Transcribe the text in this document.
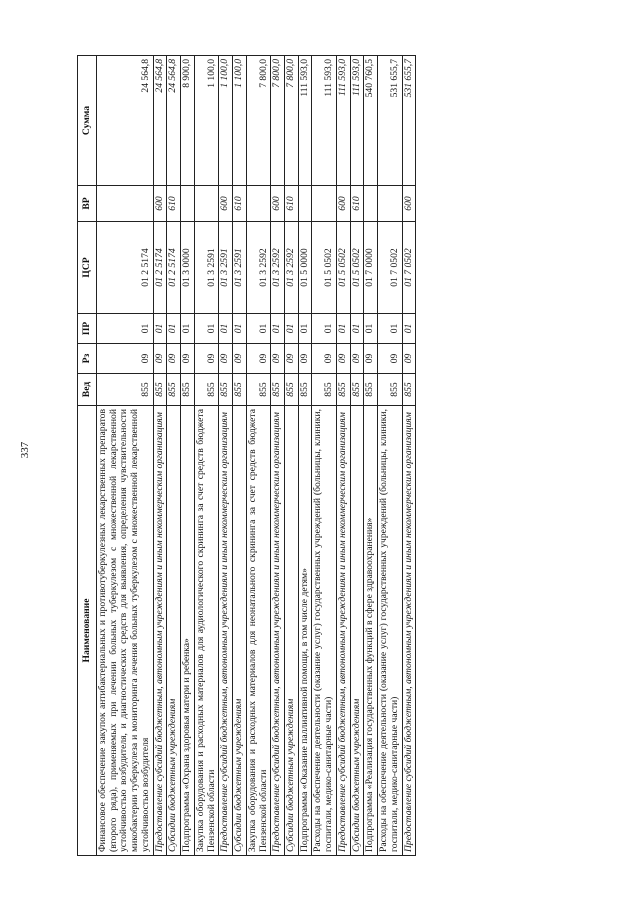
337
Наименование	Вед	Рз	ПР	ЦСР	ВР	Сумма
Финансовое обеспечение закупок антибактериальных и противотуберкулезных лекарственных препаратов (второго ряда), применяемых при лечении больных туберкулезом с множественной лекарственной устойчивостью возбудителя, и диагностических средств для выявления, определения чувствительности микобактерии туберкулеза и мониторинга лечения больных туберкулезом с множественной лекарственной устойчивостью возбудителя	855	09	01	01 2 5174		24 564,8
Предоставление субсидий бюджетным, автономным учреждениям и иным некоммерческим организациям	855	09	01	01 2 5174	600	24 564,8
Субсидии бюджетным учреждениям	855	09	01	01 2 5174	610	24 564,8
Подпрограмма «Охрана здоровья матери и ребенка»	855	09	01	01 3 0000		8 900,0
Закупка оборудования и расходных материалов для аудиологического скрининга за счет средств бюджета Пензенской области	855	09	01	01 3 2591		1 100,0
Предоставление субсидий бюджетным, автономным учреждениям и иным некоммерческим организациям	855	09	01	01 3 2591	600	1 100,0
Субсидии бюджетным учреждениям	855	09	01	01 3 2591	610	1 100,0
Закупка оборудования и расходных материалов для неонатального скрининга за счет средств бюджета Пензенской области	855	09	01	01 3 2592		7 800,0
Предоставление субсидий бюджетным, автономным учреждениям и иным некоммерческим организациям	855	09	01	01 3 2592	600	7 800,0
Субсидии бюджетным учреждениям	855	09	01	01 3 2592	610	7 800,0
Подпрограмма «Оказание паллиативной помощи, в том числе детям»	855	09	01	01 5 0000		111 593,0
Расходы на обеспечение деятельности (оказание услуг) государственных учреждений (больницы, клиники, госпитали, медико-санитарные части)	855	09	01	01 5 0502		111 593,0
Предоставление субсидий бюджетным, автономным учреждениям и иным некоммерческим организациям	855	09	01	01 5 0502	600	111 593,0
Субсидии бюджетным учреждениям	855	09	01	01 5 0502	610	111 593,0
Подпрограмма «Реализация государственных функций в сфере здравоохранения»	855	09	01	01 7 0000		540 760,5
Расходы на обеспечение деятельности (оказание услуг) государственных учреждений (больницы, клиники, госпитали, медико-санитарные части)	855	09	01	01 7 0502		531 655,7
Предоставление субсидий бюджетным, автономным учреждениям и иным некоммерческим организациям	855	09	01	01 7 0502	600	531 655,7
